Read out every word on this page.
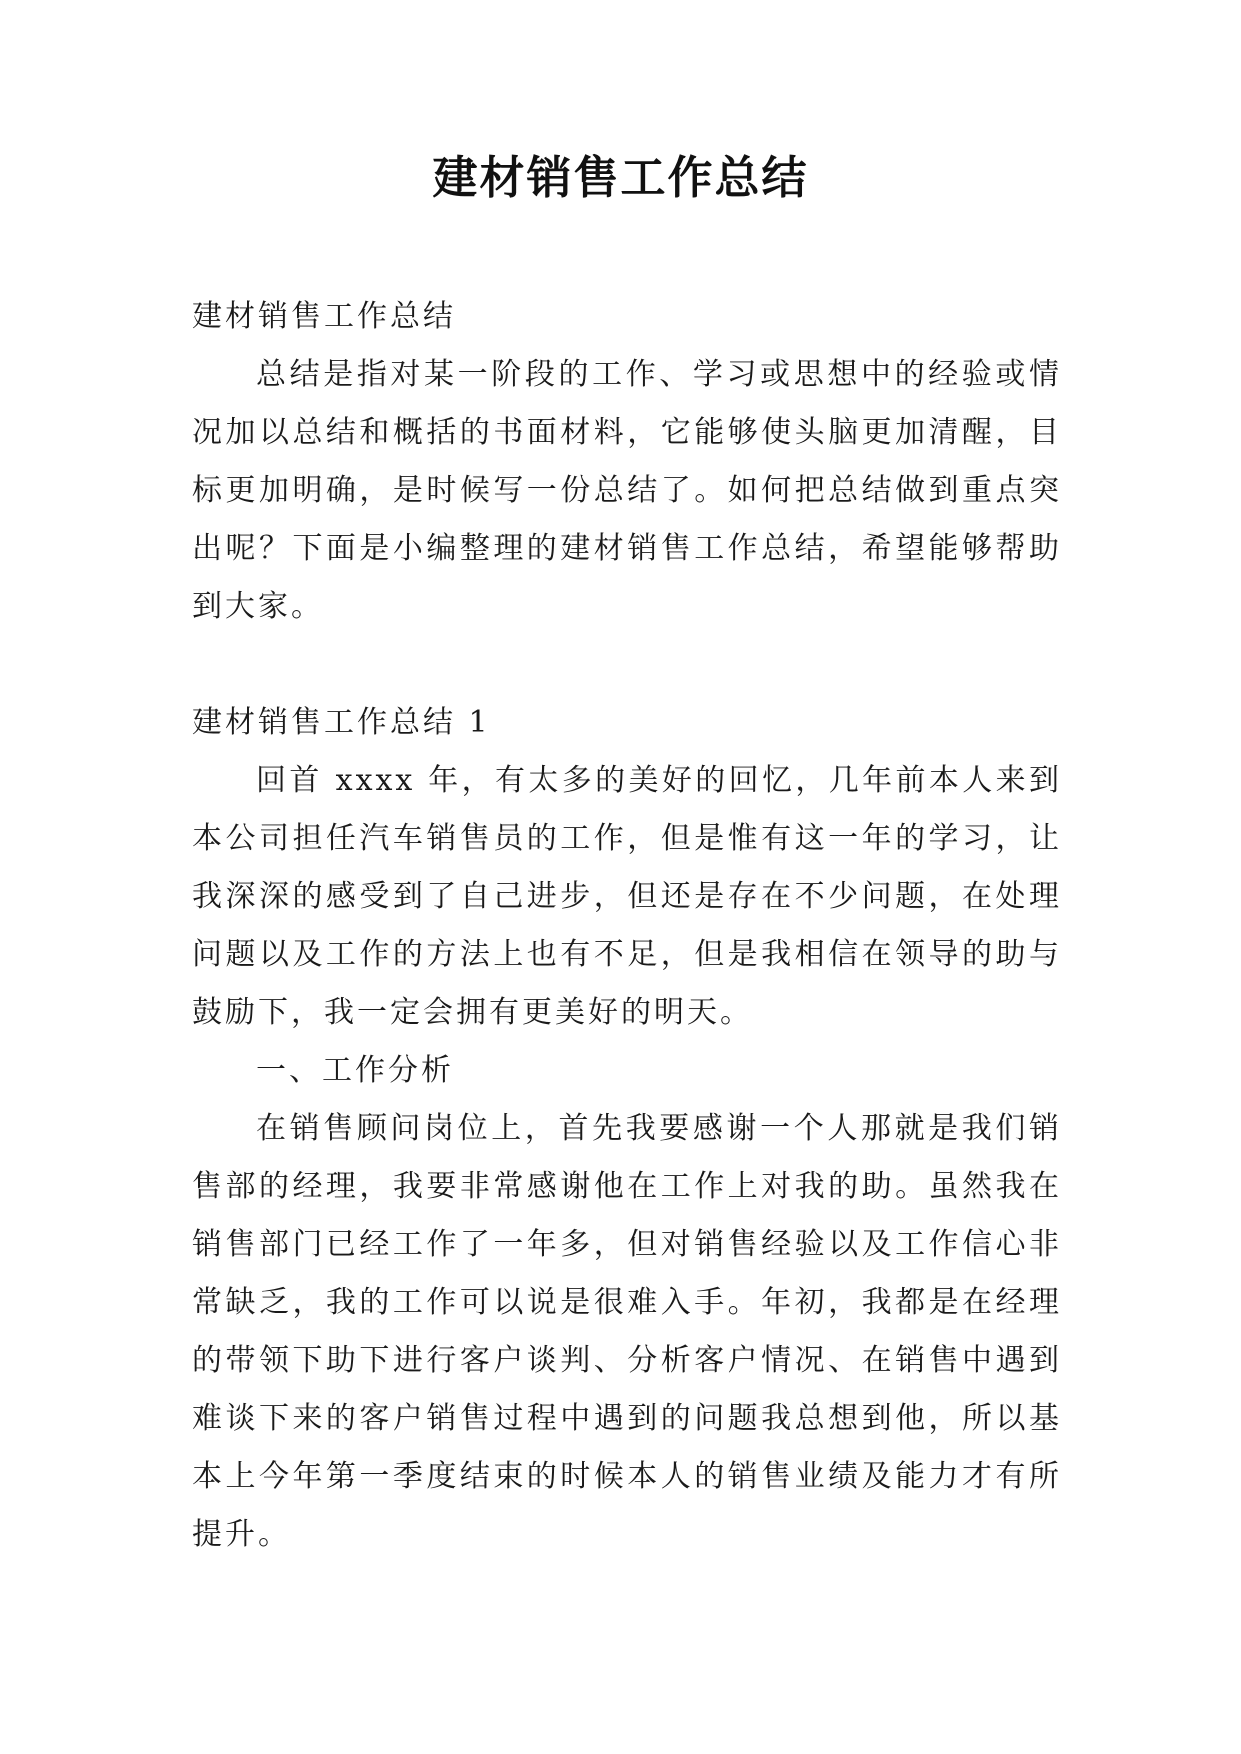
建材销售工作总结

建材销售工作总结

总结是指对某一阶段的工作、学习或思想中的经验或情况加以总结和概括的书面材料，它能够使头脑更加清醒，目标更加明确，是时候写一份总结了。如何把总结做到重点突出呢？下面是小编整理的建材销售工作总结，希望能够帮助到大家。

建材销售工作总结 1

回首 xxxx 年，有太多的美好的回忆，几年前本人来到本公司担任汽车销售员的工作，但是惟有这一年的学习，让我深深的感受到了自己进步，但还是存在不少问题，在处理问题以及工作的方法上也有不足，但是我相信在领导的助与鼓励下，我一定会拥有更美好的明天。

一、工作分析

在销售顾问岗位上，首先我要感谢一个人那就是我们销售部的经理，我要非常感谢他在工作上对我的助。虽然我在销售部门已经工作了一年多，但对销售经验以及工作信心非常缺乏，我的工作可以说是很难入手。年初，我都是在经理的带领下助下进行客户谈判、分析客户情况、在销售中遇到难谈下来的客户销售过程中遇到的问题我总想到他，所以基本上今年第一季度结束的时候本人的销售业绩及能力才有所提升。
